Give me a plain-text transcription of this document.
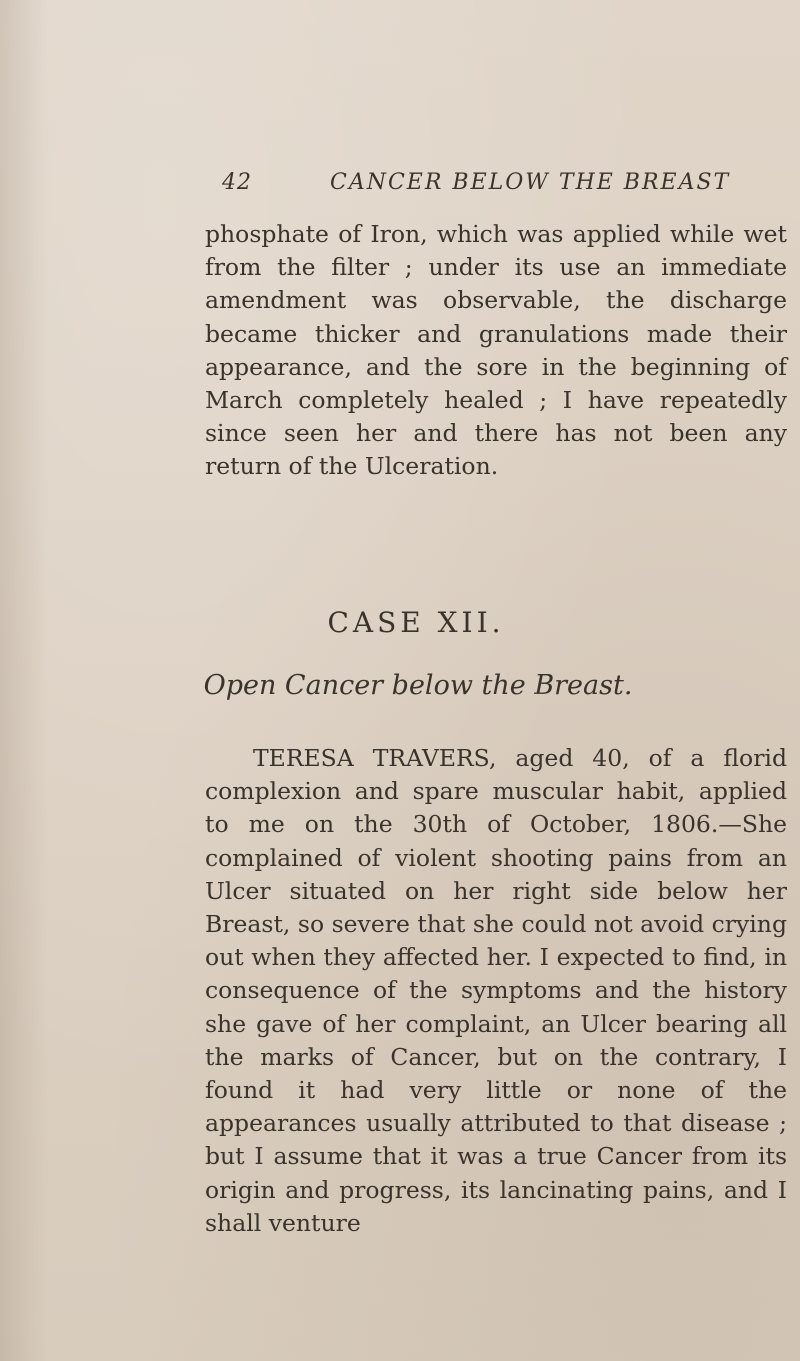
42	CANCER BELOW THE BREAST

phosphate of Iron, which was applied while wet from the filter ; under its use an immediate amendment was observable, the discharge became thicker and granulations made their appearance, and the sore in the beginning of March completely healed ; I have repeatedly since seen her and there has not been any return of the Ulceration.

CASE XII.
Open Cancer below the Breast.

TERESA TRAVERS, aged 40, of a florid complexion and spare muscular habit, applied to me on the 30th of October, 1806.—She complained of violent shooting pains from an Ulcer situated on her right side below her Breast, so severe that she could not avoid crying out when they affected her. I expected to find, in consequence of the symptoms and the history she gave of her complaint, an Ulcer bearing all the marks of Cancer, but on the contrary, I found it had very little or none of the appearances usually attributed to that disease ; but I assume that it was a true Cancer from its origin and progress, its lancinating pains, and I shall venture
